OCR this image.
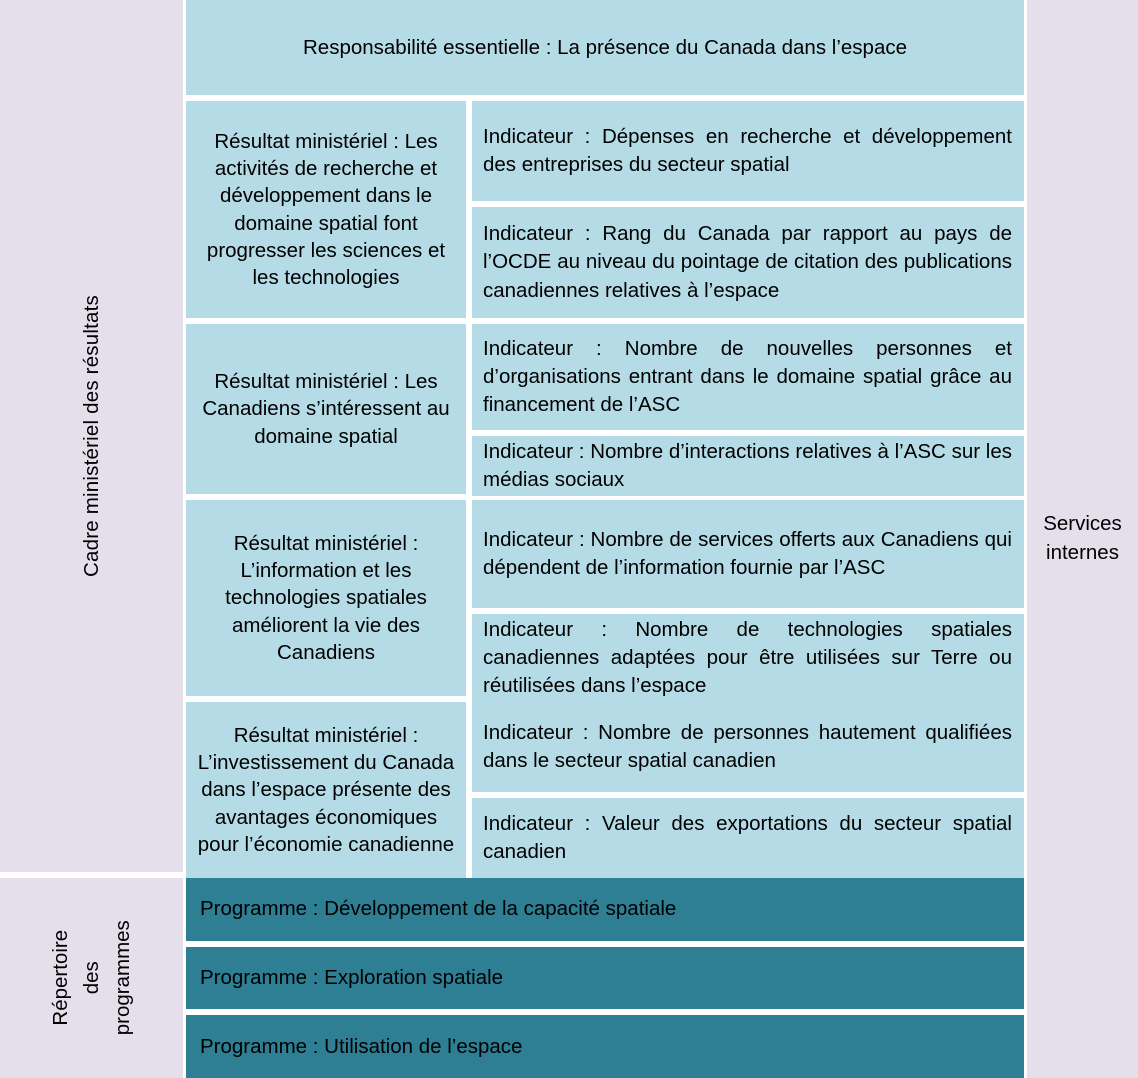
Cadre ministériel des résultats
Répertoire des programmes
Responsabilité essentielle : La présence du Canada dans l’espace
Résultat ministériel : Les activités de recherche et développement dans le domaine spatial font progresser les sciences et les technologies
Indicateur : Dépenses en recherche et développement des entreprises du secteur spatial
Indicateur : Rang du Canada par rapport au pays de l’OCDE au niveau du pointage de citation des publications canadiennes relatives à l’espace
Résultat ministériel : Les Canadiens s’intéressent au domaine spatial
Indicateur : Nombre de nouvelles personnes et d’organisations entrant dans le domaine spatial grâce au financement de l’ASC
Indicateur : Nombre d’interactions relatives à l’ASC sur les médias sociaux
Résultat ministériel : L’information et les technologies spatiales améliorent la vie des Canadiens
Indicateur : Nombre de services offerts aux Canadiens qui dépendent de l’information fournie par l’ASC
Indicateur : Nombre de technologies spatiales canadiennes adaptées pour être utilisées sur Terre ou réutilisées dans l’espace
Résultat ministériel : L’investissement du Canada dans l’espace présente des avantages économiques pour l’économie canadienne
Indicateur : Nombre de personnes hautement qualifiées dans le secteur spatial canadien
Indicateur : Valeur des exportations du secteur spatial canadien
Programme : Développement de la capacité spatiale
Programme : Exploration spatiale
Programme : Utilisation de l’espace
Services
internes
